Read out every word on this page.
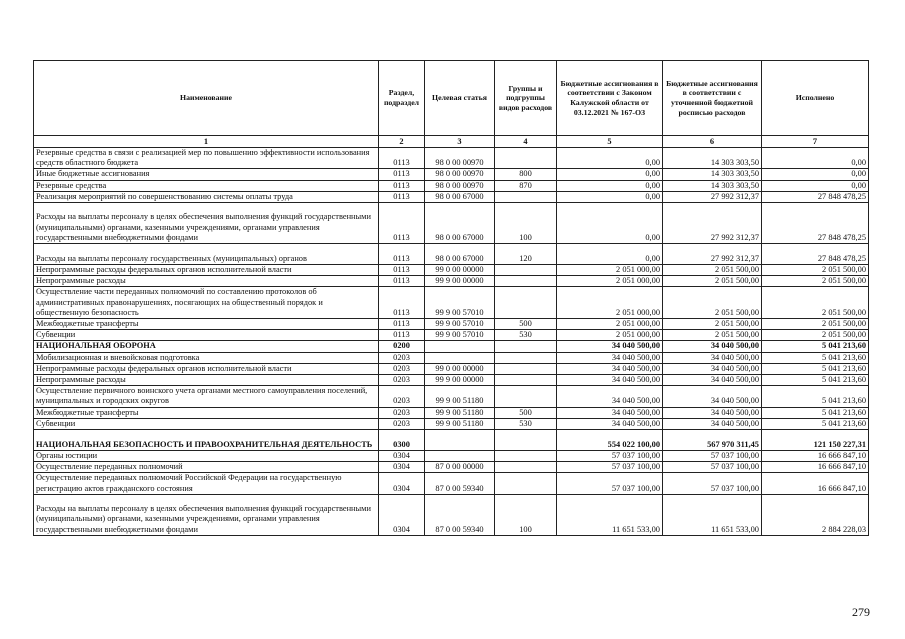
Наименование	Раздел, подраздел	Целевая статья	Группы и подгруппы видов расходов	Бюджетные ассигнования в соответствии с Законом Калужской области от 03.12.2021 № 167-ОЗ	Бюджетные ассигнования в соответствии с уточненной бюджетной росписью расходов	Исполнено
1	2	3	4	5	6	7
Резервные средства в связи с реализацией мер по повышению эффективности использования средств областного бюджета	0113	98 0 00 00970		0,00	14 303 303,50	0,00
Иные бюджетные ассигнования	0113	98 0 00 00970	800	0,00	14 303 303,50	0,00
Резервные средства	0113	98 0 00 00970	870	0,00	14 303 303,50	0,00
Реализация мероприятий по совершенствованию системы оплаты труда	0113	98 0 00 67000		0,00	27 992 312,37	27 848 478,25
Расходы на выплаты персоналу в целях обеспечения выполнения функций государственными (муниципальными) органами, казенными учреждениями, органами управления государственными внебюджетными фондами	0113	98 0 00 67000	100	0,00	27 992 312,37	27 848 478,25
Расходы на выплаты персоналу государственных (муниципальных) органов	0113	98 0 00 67000	120	0,00	27 992 312,37	27 848 478,25
Непрограммные расходы федеральных органов исполнительной власти	0113	99 0 00 00000		2 051 000,00	2 051 500,00	2 051 500,00
Непрограммные расходы	0113	99 9 00 00000		2 051 000,00	2 051 500,00	2 051 500,00
Осуществление части переданных полномочий по составлению протоколов об административных правонарушениях, посягающих на общественный порядок и общественную безопасность	0113	99 9 00 57010		2 051 000,00	2 051 500,00	2 051 500,00
Межбюджетные трансферты	0113	99 9 00 57010	500	2 051 000,00	2 051 500,00	2 051 500,00
Субвенции	0113	99 9 00 57010	530	2 051 000,00	2 051 500,00	2 051 500,00
НАЦИОНАЛЬНАЯ ОБОРОНА	0200			34 040 500,00	34 040 500,00	5 041 213,60
Мобилизационная и вневойсковая подготовка	0203			34 040 500,00	34 040 500,00	5 041 213,60
Непрограммные расходы федеральных органов исполнительной власти	0203	99 0 00 00000		34 040 500,00	34 040 500,00	5 041 213,60
Непрограммные расходы	0203	99 9 00 00000		34 040 500,00	34 040 500,00	5 041 213,60
Осуществление первичного воинского учета органами местного самоуправления поселений, муниципальных и городских округов	0203	99 9 00 51180		34 040 500,00	34 040 500,00	5 041 213,60
Межбюджетные трансферты	0203	99 9 00 51180	500	34 040 500,00	34 040 500,00	5 041 213,60
Субвенции	0203	99 9 00 51180	530	34 040 500,00	34 040 500,00	5 041 213,60
НАЦИОНАЛЬНАЯ БЕЗОПАСНОСТЬ И ПРАВООХРАНИТЕЛЬНАЯ ДЕЯТЕЛЬНОСТЬ	0300			554 022 100,00	567 970 311,45	121 150 227,31
Органы юстиции	0304			57 037 100,00	57 037 100,00	16 666 847,10
Осуществление переданных полномочий	0304	87 0 00 00000		57 037 100,00	57 037 100,00	16 666 847,10
Осуществление переданных полномочий Российской Федерации на государственную регистрацию актов гражданского состояния	0304	87 0 00 59340		57 037 100,00	57 037 100,00	16 666 847,10
Расходы на выплаты персоналу в целях обеспечения выполнения функций государственными (муниципальными) органами, казенными учреждениями, органами управления государственными внебюджетными фондами	0304	87 0 00 59340	100	11 651 533,00	11 651 533,00	2 884 228,03
279
